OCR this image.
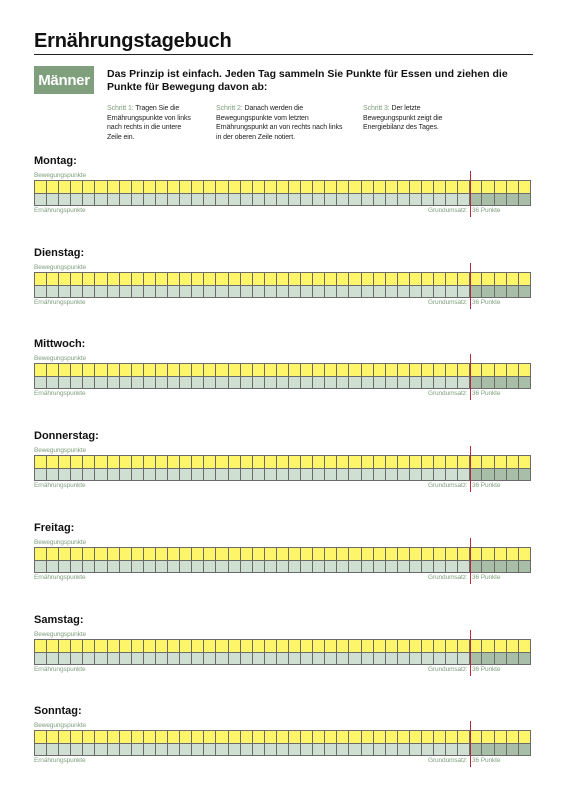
Ernährungstagebuch
Männer	Das Prinzip ist einfach. Jeden Tag sammeln Sie Punkte für Essen und ziehen die Punkte für Bewegung davon ab:
Schritt 1: Tragen Sie die Ernährungspunkte von links nach rechts in die untere Zeile ein.
Schritt 2: Danach werden die Bewegungspunkte vom letzten Ernährungspunkt an von rechts nach links in der oberen Zeile notiert.
Schritt 3: Der letzte Bewegungspunkt zeigt die Energiebilanz des Tages.
Montag:
Bewegungspunkte
Ernährungspunkte	Grundumsatz: 36 Punkte
Dienstag:
Bewegungspunkte
Ernährungspunkte	Grundumsatz: 36 Punkte
Mittwoch:
Bewegungspunkte
Ernährungspunkte	Grundumsatz: 36 Punkte
Donnerstag:
Bewegungspunkte
Ernährungspunkte	Grundumsatz: 36 Punkte
Freitag:
Bewegungspunkte
Ernährungspunkte	Grundumsatz: 36 Punkte
Samstag:
Bewegungspunkte
Ernährungspunkte	Grundumsatz: 36 Punkte
Sonntag:
Bewegungspunkte
Ernährungspunkte	Grundumsatz: 36 Punkte
